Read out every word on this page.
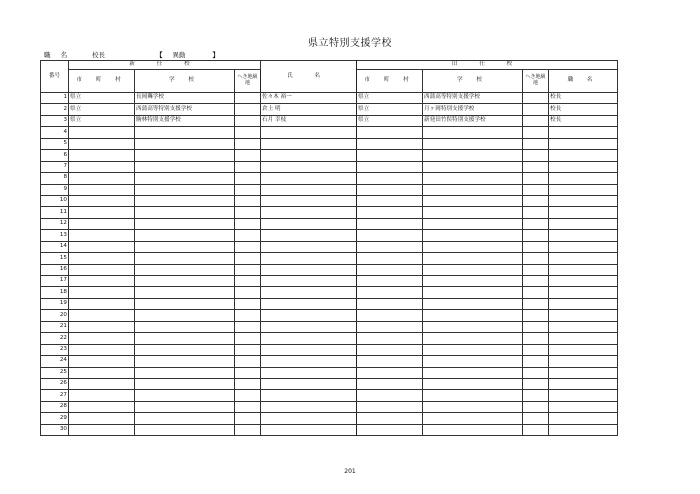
県立特別支援学校
職 名	校長	【 異動	】
番号	新 任 校			氏 名	旧 任 校			
	市 町 村	学 校	へき地級 地		市 町 村	学 校	へき地級 地	職 名
1	県立	長岡聾学校		佐々木 裕一	県立	西蒲高等特別支援学校		校長
2	県立	西蒲高等特別支援学校		倉上 明	県立	月ヶ岡特別支援学校		校長
3	県立	駒林特別支援学校		石月 幸枝	県立	新発田竹俣特別支援学校		校長
4								
5								
6								
7								
8								
9								
10								
11								
12								
13								
14								
15								
16								
17								
18								
19								
20								
21								
22								
23								
24								
25								
26								
27								
28								
29								
30								
201
